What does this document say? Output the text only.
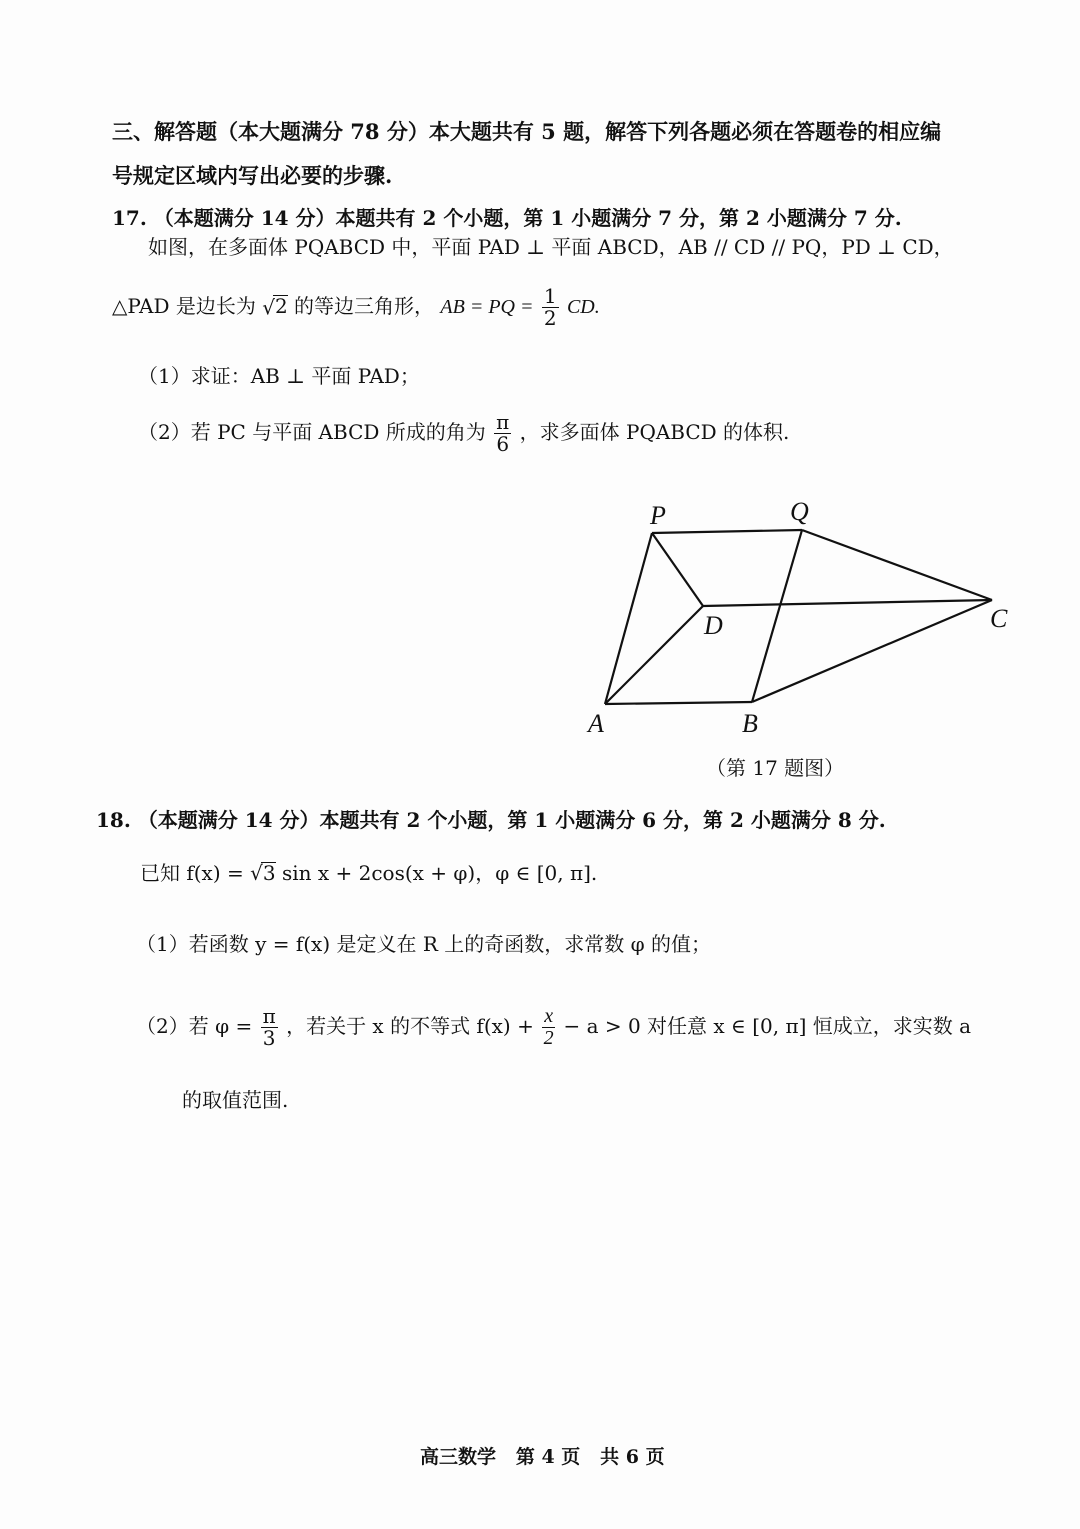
三、解答题（本大题满分 78 分）本大题共有 5 题，解答下列各题必须在答题卷的相应编
号规定区域内写出必要的步骤.
17. （本题满分 14 分）本题共有 2 个小题，第 1 小题满分 7 分，第 2 小题满分 7 分.
如图，在多面体 PQABCD 中，平面 PAD ⊥ 平面 ABCD，AB // CD // PQ，PD ⊥ CD，
△PAD 是边长为 √2 的等边三角形， AB = PQ = $\frac{1}{2}$ CD.
（1）求证：AB ⊥ 平面 PAD；
（2）若 PC 与平面 ABCD 所成的角为 $\frac{\pi}{6}$ ，求多面体 PQABCD 的体积.
P	Q
D	C
A	B
（第 17 题图）
18. （本题满分 14 分）本题共有 2 个小题，第 1 小题满分 6 分，第 2 小题满分 8 分.
已知 f(x) = √3 sin x + 2cos(x + φ)，φ ∈ [0, π].
（1）若函数 y = f(x) 是定义在 R 上的奇函数，求常数 φ 的值；
（2）若 $\varphi = \frac{\pi}{3}$ ，若关于 x 的不等式 $f(x) + \frac{x}{2} - a > 0$ 对任意 x ∈ [0, π] 恒成立，求实数 a
的取值范围.
高三数学   第 4 页   共 6 页
